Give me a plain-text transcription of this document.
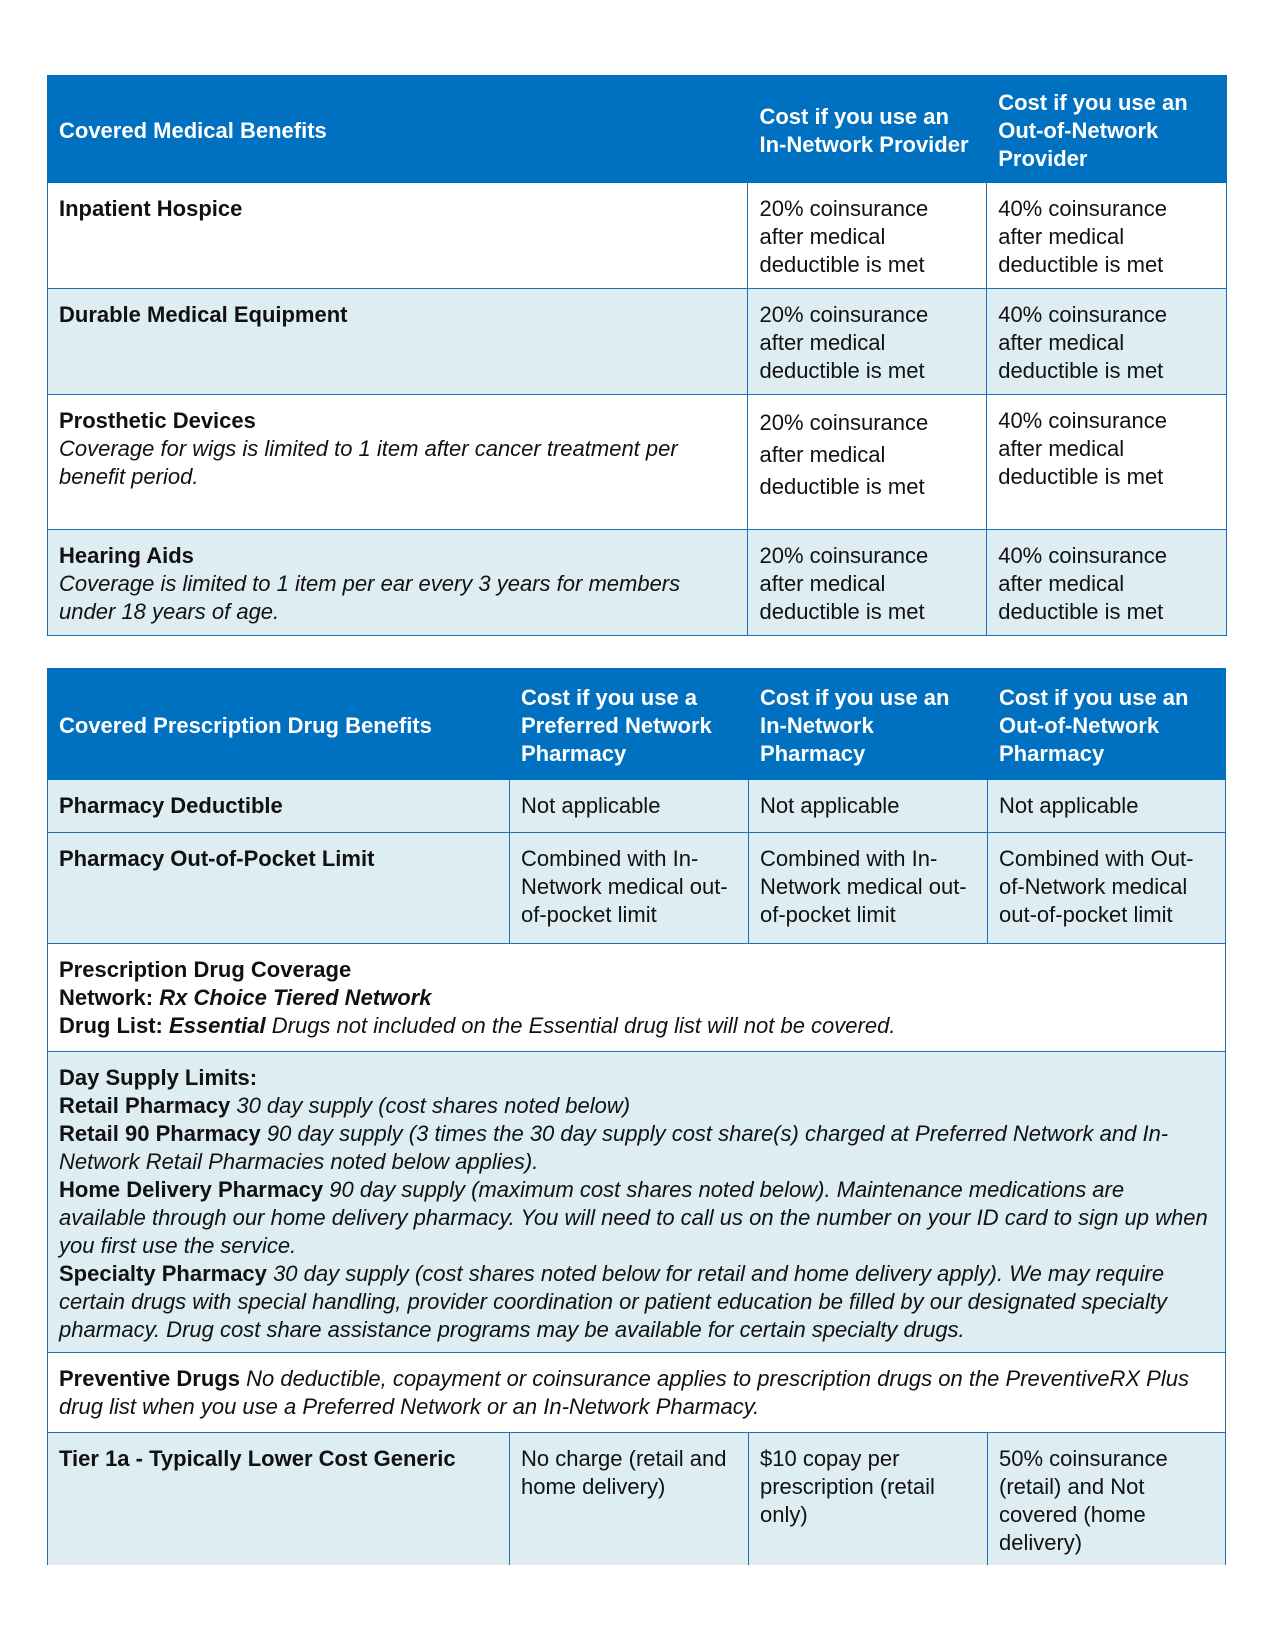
Covered Medical Benefits	Cost if you use an In-Network Provider	Cost if you use an Out-of-Network Provider

Inpatient Hospice	20% coinsurance after medical deductible is met	40% coinsurance after medical deductible is met

Durable Medical Equipment	20% coinsurance after medical deductible is met	40% coinsurance after medical deductible is met

Prosthetic Devices
Coverage for wigs is limited to 1 item after cancer treatment per benefit period.	20% coinsurance after medical deductible is met	40% coinsurance after medical deductible is met

Hearing Aids
Coverage is limited to 1 item per ear every 3 years for members under 18 years of age.	20% coinsurance after medical deductible is met	40% coinsurance after medical deductible is met
Covered Prescription Drug Benefits	Cost if you use a Preferred Network Pharmacy	Cost if you use an In-Network Pharmacy	Cost if you use an Out-of-Network Pharmacy
Pharmacy Deductible	Not applicable	Not applicable	Not applicable
Pharmacy Out-of-Pocket Limit	Combined with In-Network medical out-of-pocket limit	Combined with In-Network medical out-of-pocket limit	Combined with Out-of-Network medical out-of-pocket limit

Prescription Drug Coverage
Network: Rx Choice Tiered Network
Drug List: Essential Drugs not included on the Essential drug list will not be covered.			

Day Supply Limits:
Retail Pharmacy 30 day supply (cost shares noted below)
Retail 90 Pharmacy 90 day supply (3 times the 30 day supply cost share(s) charged at Preferred Network and In-Network Retail Pharmacies noted below applies).
Home Delivery Pharmacy 90 day supply (maximum cost shares noted below). Maintenance medications are available through our home delivery pharmacy. You will need to call us on the number on your ID card to sign up when you first use the service.
Specialty Pharmacy 30 day supply (cost shares noted below for retail and home delivery apply). We may require certain drugs with special handling, provider coordination or patient education be filled by our designated specialty pharmacy. Drug cost share assistance programs may be available for certain specialty drugs.			

Preventive Drugs No deductible, copayment or coinsurance applies to prescription drugs on the PreventiveRX Plus drug list when you use a Preferred Network or an In-Network Pharmacy.			
Tier 1a - Typically Lower Cost Generic	No charge (retail and home delivery)	$10 copay per prescription (retail only)	50% coinsurance (retail) and Not covered (home delivery)
